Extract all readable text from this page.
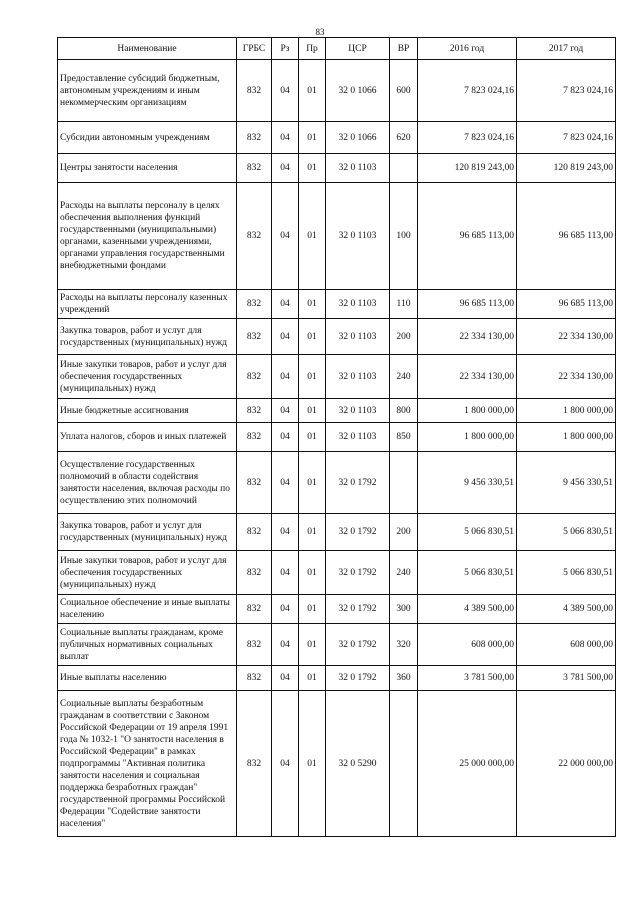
83
Наименование	ГРБС	Рз	Пр	ЦСР	ВР	2016 год	2017 год
Предоставление субсидий бюджетным, автономным учреждениям и иным некоммерческим организациям	832	04	01	32 0 1066	600	7 823 024,16	7 823 024,16
Субсидии автономным учреждениям	832	04	01	32 0 1066	620	7 823 024,16	7 823 024,16
Центры занятости населения	832	04	01	32 0 1103		120 819 243,00	120 819 243,00
Расходы на выплаты персоналу в целях обеспечения выполнения функций государственными (муниципальными) органами, казенными учреждениями, органами управления государственными внебюджетными фондами	832	04	01	32 0 1103	100	96 685 113,00	96 685 113,00
Расходы на выплаты персоналу казенных учреждений	832	04	01	32 0 1103	110	96 685 113,00	96 685 113,00
Закупка товаров, работ и услуг для государственных (муниципальных) нужд	832	04	01	32 0 1103	200	22 334 130,00	22 334 130,00
Иные закупки товаров, работ и услуг для обеспечения государственных (муниципальных) нужд	832	04	01	32 0 1103	240	22 334 130,00	22 334 130,00
Иные бюджетные ассигнования	832	04	01	32 0 1103	800	1 800 000,00	1 800 000,00
Уплата налогов, сборов и иных платежей	832	04	01	32 0 1103	850	1 800 000,00	1 800 000,00
Осуществление государственных полномочий в области содействия занятости населения, включая расходы по осуществлению этих полномочий	832	04	01	32 0 1792		9 456 330,51	9 456 330,51
Закупка товаров, работ и услуг для государственных (муниципальных) нужд	832	04	01	32 0 1792	200	5 066 830,51	5 066 830,51
Иные закупки товаров, работ и услуг для обеспечения государственных (муниципальных) нужд	832	04	01	32 0 1792	240	5 066 830,51	5 066 830,51
Социальное обеспечение и иные выплаты населению	832	04	01	32 0 1792	300	4 389 500,00	4 389 500,00
Социальные выплаты гражданам, кроме публичных нормативных социальных выплат	832	04	01	32 0 1792	320	608 000,00	608 000,00
Иные выплаты населению	832	04	01	32 0 1792	360	3 781 500,00	3 781 500,00
Социальные выплаты безработным гражданам в соответствии с Законом Российской Федерации от 19 апреля 1991 года № 1032-1 "О занятости населения в Российской Федерации" в рамках подпрограммы "Активная политика занятости населения и социальная поддержка безработных граждан" государственной программы Российской Федерации "Содействие занятости населения"	832	04	01	32 0 5290		25 000 000,00	22 000 000,00
